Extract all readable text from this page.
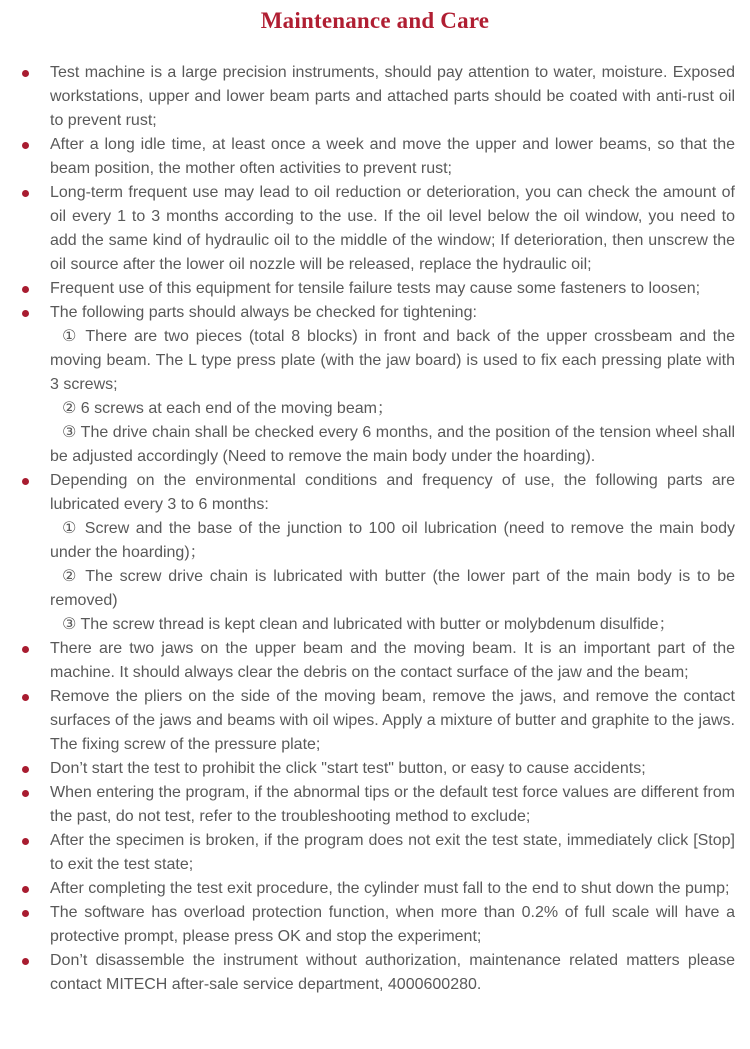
Maintenance and Care

Test machine is a large precision instruments, should pay attention to water, moisture. Exposed workstations, upper and lower beam parts and attached parts should be coated with anti-rust oil to prevent rust;

After a long idle time, at least once a week and move the upper and lower beams, so that the beam position, the mother often activities to prevent rust;

Long-term frequent use may lead to oil reduction or deterioration, you can check the amount of oil every 1 to 3 months according to the use. If the oil level below the oil window, you need to add the same kind of hydraulic oil to the middle of the window; If deterioration, then unscrew the oil source after the lower oil nozzle will be released, replace the hydraulic oil;

Frequent use of this equipment for tensile failure tests may cause some fasteners to loosen;

The following parts should always be checked for tightening:

① There are two pieces (total 8 blocks) in front and back of the upper crossbeam and the moving beam. The L type press plate (with the jaw board) is used to fix each pressing plate with 3 screws;

② 6 screws at each end of the moving beam；

③ The drive chain shall be checked every 6 months, and the position of the tension wheel shall be adjusted accordingly (Need to remove the main body under the hoarding).

Depending on the environmental conditions and frequency of use, the following parts are lubricated every 3 to 6 months:

① Screw and the base of the junction to 100 oil lubrication (need to remove the main body under the hoarding)；

② The screw drive chain is lubricated with butter (the lower part of the main body is to be removed)

③ The screw thread is kept clean and lubricated with butter or molybdenum disulfide；

There are two jaws on the upper beam and the moving beam. It is an important part of the machine. It should always clear the debris on the contact surface of the jaw and the beam;

Remove the pliers on the side of the moving beam, remove the jaws, and remove the contact surfaces of the jaws and beams with oil wipes. Apply a mixture of butter and graphite to the jaws. The fixing screw of the pressure plate;

Don’t start the test to prohibit the click "start test" button, or easy to cause accidents;

When entering the program, if the abnormal tips or the default test force values are different from the past, do not test, refer to the troubleshooting method to exclude;

After the specimen is broken, if the program does not exit the test state, immediately click [Stop] to exit the test state;

After completing the test exit procedure, the cylinder must fall to the end to shut down the pump;

The software has overload protection function, when more than 0.2% of full scale will have a protective prompt, please press OK and stop the experiment;

Don’t disassemble the instrument without authorization, maintenance related matters please contact MITECH after-sale service department, 4000600280.
